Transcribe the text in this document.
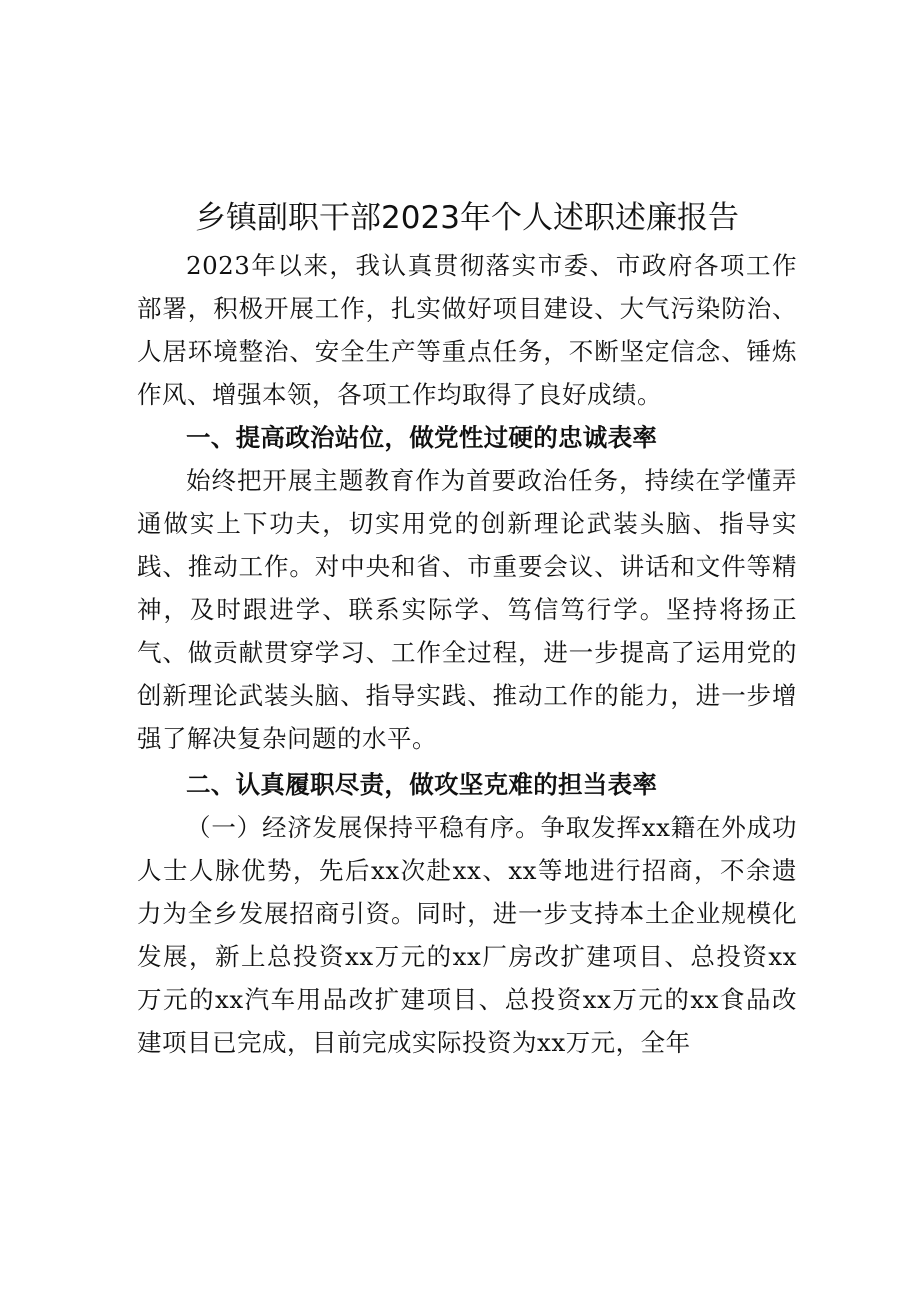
乡镇副职干部2023年个人述职述廉报告

2023年以来，我认真贯彻落实市委、市政府各项工作部署，积极开展工作，扎实做好项目建设、大气污染防治、人居环境整治、安全生产等重点任务，不断坚定信念、锤炼作风、增强本领，各项工作均取得了良好成绩。

一、提高政治站位，做党性过硬的忠诚表率

始终把开展主题教育作为首要政治任务，持续在学懂弄通做实上下功夫，切实用党的创新理论武装头脑、指导实践、推动工作。对中央和省、市重要会议、讲话和文件等精神，及时跟进学、联系实际学、笃信笃行学。坚持将扬正气、做贡献贯穿学习、工作全过程，进一步提高了运用党的创新理论武装头脑、指导实践、推动工作的能力，进一步增强了解决复杂问题的水平。

二、认真履职尽责，做攻坚克难的担当表率

（一）经济发展保持平稳有序。争取发挥xx籍在外成功人士人脉优势，先后xx次赴xx、xx等地进行招商，不余遗力为全乡发展招商引资。同时，进一步支持本土企业规模化发展，新上总投资xx万元的xx厂房改扩建项目、总投资xx万元的xx汽车用品改扩建项目、总投资xx万元的xx食品改建项目已完成，目前完成实际投资为xx万元，全年
